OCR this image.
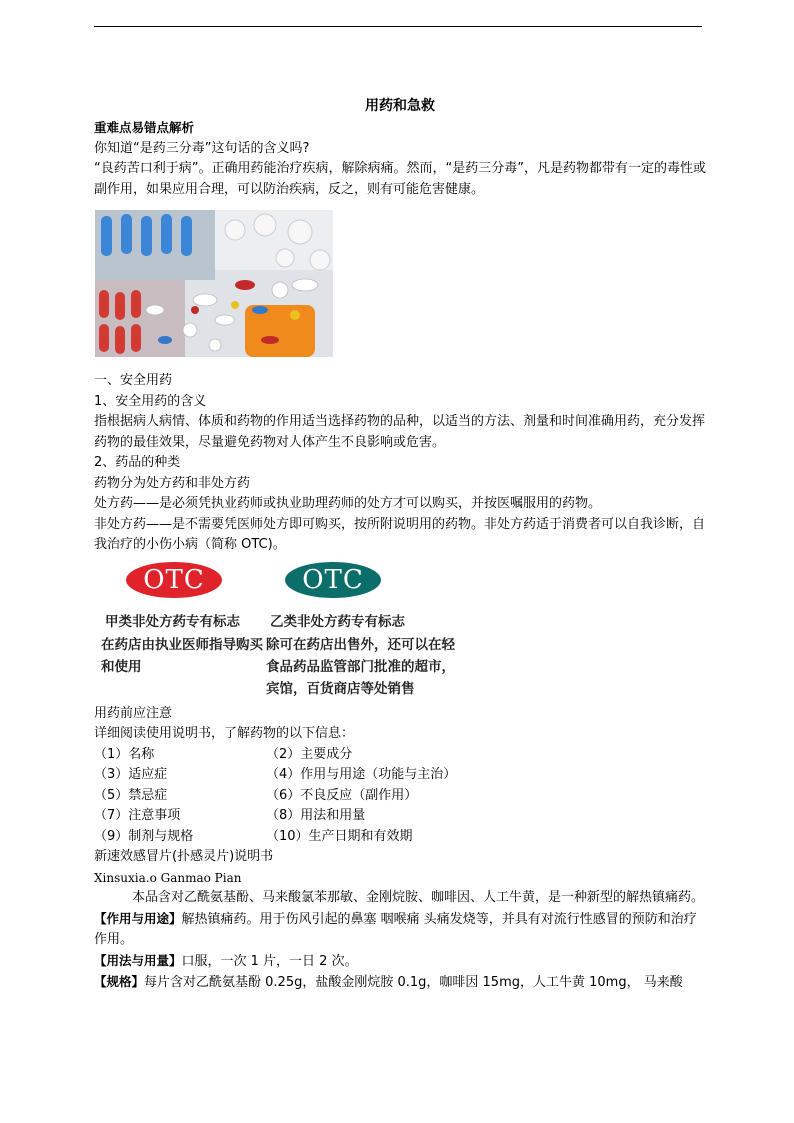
用药和急救

重难点易错点解析

你知道“是药三分毒”这句话的含义吗?

“良药苦口利于病”。正确用药能治疗疾病，解除病痛。然而，“是药三分毒”，凡是药物都带有一定的毒性或副作用，如果应用合理，可以防治疾病，反之，则有可能危害健康。

一、安全用药

1、安全用药的含义

指根据病人病情、体质和药物的作用适当选择药物的品种，以适当的方法、剂量和时间准确用药，充分发挥药物的最佳效果，尽量避免药物对人体产生不良影响或危害。

2、药品的种类

药物分为处方药和非处方药

处方药——是必须凭执业药师或执业助理药师的处方才可以购买，并按医嘱服用的药物。

非处方药——是不需要凭医师处方即可购买，按所附说明用的药物。非处方药适于消费者可以自我诊断，自我治疗的小伤小病（简称 OTC)。

OTC	OTC
甲类非处方药专有标志 乙类非处方药专有标志
在药店由执业医师指导购买和使用
除可在药店出售外，还可以在轻
食品药品监管部门批准的超市，
宾馆，百货商店等处销售

用药前应注意

详细阅读使用说明书，了解药物的以下信息：

（1）名称	（2）主要成分

（3）适应症	（4）作用与用途（功能与主治）

（5）禁忌症	（6）不良反应（副作用）

（7）注意事项	（8）用法和用量

（9）制剂与规格	（10）生产日期和有效期

新速效感冒片(扑感灵片)说明书

Xinsuxia.o Ganmao Pian

本品含对乙酰氨基酚、马来酸氯苯那敏、金刚烷胺、咖啡因、人工牛黄，是一种新型的解热镇痛药。

【作用与用途】解热镇痛药。用于伤风引起的鼻塞 咽喉痛 头痛发烧等，并具有对流行性感冒的预防和治疗作用。

【用法与用量】口服，一次 1 片，一日 2 次。

【规格】每片含对乙酰氨基酚 0.25g，盐酸金刚烷胺 0.1g，咖啡因 15mg，人工牛黄 10mg， 马来酸
